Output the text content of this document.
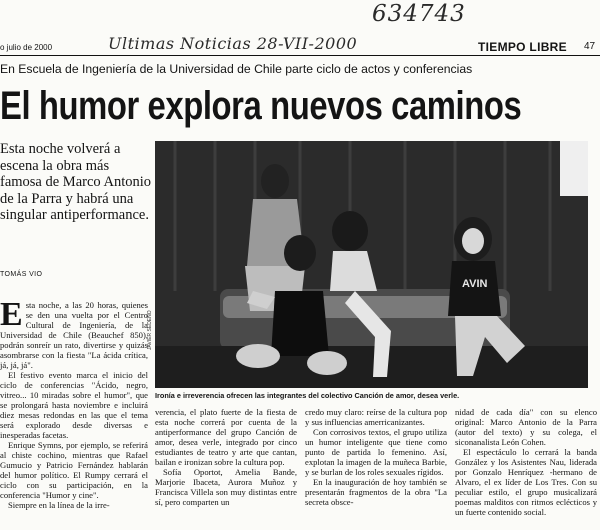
634743
Ultimas Noticias 28-VII-2000
o julio de 2000	TIEMPO LIBRE 47
En Escuela de Ingeniería de la Universidad de Chile parte ciclo de actos y conferencias
El humor explora nuevos caminos

Esta noche volverá a escena la obra más famosa de Marco Antonio de la Parra y habrá una singular antiperformance.

TOMÁS VIO

Esta noche, a las 20 horas, quienes se den una vuelta por el Centro Cultural de Ingeniería, de la Universidad de Chile (Beauchef 850), podrán sonreír un rato, divertirse y quizás asombrarse con la fiesta "La ácida crítica, já, já, já".

El festivo evento marca el inicio del ciclo de conferencias "Ácido, negro, vitreo... 10 miradas sobre el humor", que se prolongará hasta noviembre e incluirá diez mesas redondas en las que el tema será explorado desde diversas e inesperadas facetas.

Enrique Symns, por ejemplo, se referirá al chiste cochino, mientras que Rafael Gumucio y Patricio Fernández hablarán del humor político. El Rumpy cerrará el ciclo con su participación, en la conferencia "Humor y cine".

Siempre en la línea de la irre-

AVIN
JAVIER SEDEÑO
Ironía e irreverencia ofrecen las integrantes del colectivo Canción de amor, desea verle.

verencia, el plato fuerte de la fiesta de esta noche correrá por cuenta de la antiperformance del grupo Canción de amor, desea verle, integrado por cinco estudiantes de teatro y arte que cantan, bailan e ironizan sobre la cultura pop.

Sofía Oportot, Amelia Bande, Marjorie Ibaceta, Aurora Muñoz y Francisca Villela son muy distintas entre sí, pero comparten un

credo muy claro: reírse de la cultura pop y sus influencias amerricanizantes.

Con corrosivos textos, el grupo utiliza un humor inteligente que tiene como punto de partida lo femenino. Así, explotan la imagen de la muñeca Barbie, y se burlan de los roles sexuales rígidos.

En la inauguración de hoy también se presentarán fragmentos de la obra "La secreta obsce-

nidad de cada día" con su elenco original: Marco Antonio de la Parra (autor del texto) y su colega, el siconanalista León Cohen.

El espectáculo lo cerrará la banda González y los Asistentes Nau, liderada por Gonzalo Henríquez -hermano de Alvaro, el ex líder de Los Tres. Con su peculiar estilo, el grupo musicalizará poemas malditos con ritmos eclécticos y un fuerte contenido social.
